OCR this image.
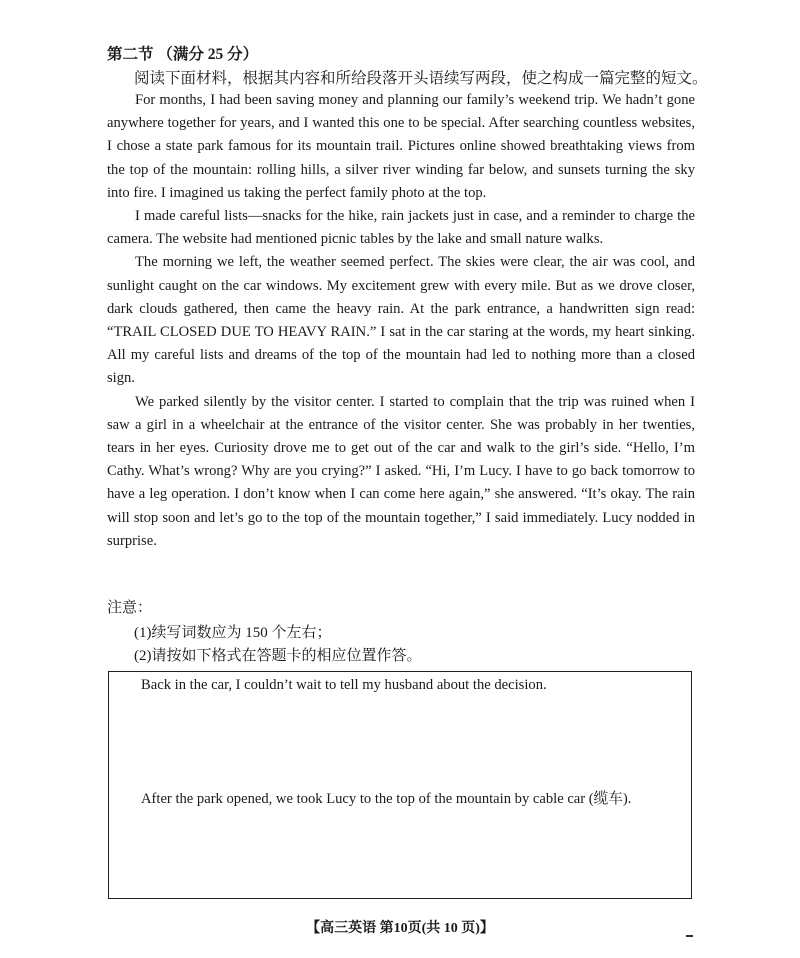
第二节 （满分 25 分）
阅读下面材料，根据其内容和所给段落开头语续写两段，使之构成一篇完整的短文。

For months, I had been saving money and planning our family’s weekend trip. We hadn’t gone anywhere together for years, and I wanted this one to be special. After searching countless websites, I chose a state park famous for its mountain trail. Pictures online showed breathtaking views from the top of the mountain: rolling hills, a silver river winding far below, and sunsets turning the sky into fire. I imagined us taking the perfect family photo at the top.

I made careful lists—snacks for the hike, rain jackets just in case, and a reminder to charge the camera. The website had mentioned picnic tables by the lake and small nature walks.

The morning we left, the weather seemed perfect. The skies were clear, the air was cool, and sunlight caught on the car windows. My excitement grew with every mile. But as we drove closer, dark clouds gathered, then came the heavy rain. At the park entrance, a handwritten sign read: “TRAIL CLOSED DUE TO HEAVY RAIN.” I sat in the car staring at the words, my heart sinking. All my careful lists and dreams of the top of the mountain had led to nothing more than a closed sign.

We parked silently by the visitor center. I started to complain that the trip was ruined when I saw a girl in a wheelchair at the entrance of the visitor center. She was probably in her twenties, tears in her eyes. Curiosity drove me to get out of the car and walk to the girl’s side. “Hello, I’m Cathy. What’s wrong? Why are you crying?” I asked. “Hi, I’m Lucy. I have to go back tomorrow to have a leg operation. I don’t know when I can come here again,” she answered. “It’s okay. The rain will stop soon and let’s go to the top of the mountain together,” I said immediately. Lucy nodded in surprise.

注意：
(1)续写词数应为 150 个左右；
(2)请按如下格式在答题卡的相应位置作答。
Back in the car, I couldn’t wait to tell my husband about the decision.
After the park opened, we took Lucy to the top of the mountain by cable car (缆车).
【高三英语 第10页(共 10 页)】
